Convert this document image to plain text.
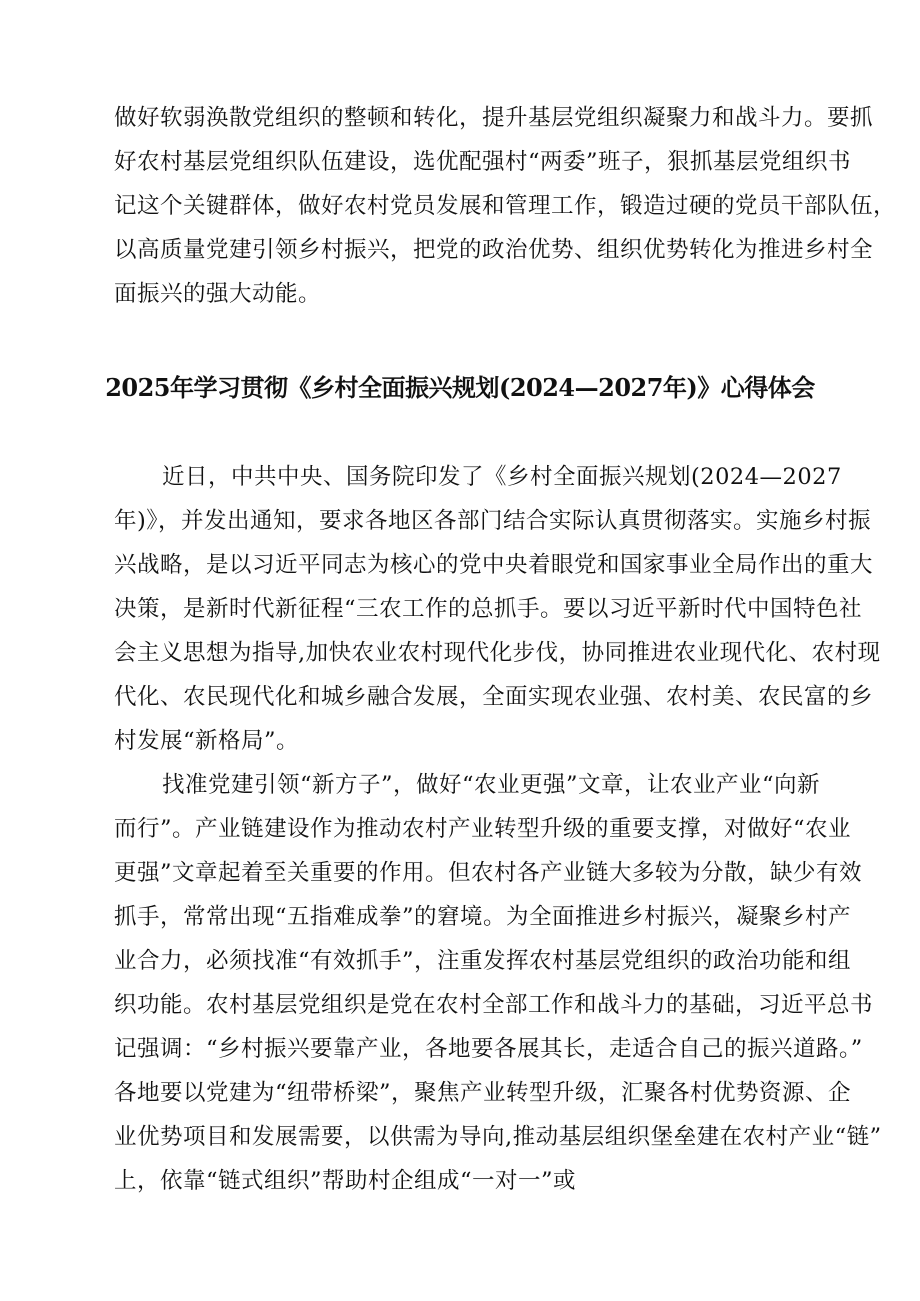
做好软弱涣散党组织的整顿和转化，提升基层党组织凝聚力和战斗力。要抓
好农村基层党组织队伍建设，选优配强村“两委”班子，狠抓基层党组织书
记这个关键群体，做好农村党员发展和管理工作，锻造过硬的党员干部队伍，
以高质量党建引领乡村振兴，把党的政治优势、组织优势转化为推进乡村全
面振兴的强大动能。
2025年学习贯彻《乡村全面振兴规划(2024—2027年)》心得体会
近日，中共中央、国务院印发了《乡村全面振兴规划(2024—2027
年)》，并发出通知，要求各地区各部门结合实际认真贯彻落实。实施乡村振
兴战略，是以习近平同志为核心的党中央着眼党和国家事业全局作出的重大
决策，是新时代新征程“三农工作的总抓手。要以习近平新时代中国特色社
会主义思想为指导,加快农业农村现代化步伐，协同推进农业现代化、农村现
代化、农民现代化和城乡融合发展，全面实现农业强、农村美、农民富的乡
村发展“新格局”。
找准党建引领“新方子”，做好“农业更强”文章，让农业产业“向新
而行”。产业链建设作为推动农村产业转型升级的重要支撑，对做好“农业
更强”文章起着至关重要的作用。但农村各产业链大多较为分散，缺少有效
抓手，常常出现“五指难成拳”的窘境。为全面推进乡村振兴，凝聚乡村产
业合力，必须找准“有效抓手”，注重发挥农村基层党组织的政治功能和组
织功能。农村基层党组织是党在农村全部工作和战斗力的基础，习近平总书
记强调：“乡村振兴要靠产业，各地要各展其长，走适合自己的振兴道路。”
各地要以党建为“纽带桥梁”，聚焦产业转型升级，汇聚各村优势资源、企
业优势项目和发展需要，以供需为导向,推动基层组织堡垒建在农村产业“链”
上，依靠“链式组织”帮助村企组成“一对一”或
